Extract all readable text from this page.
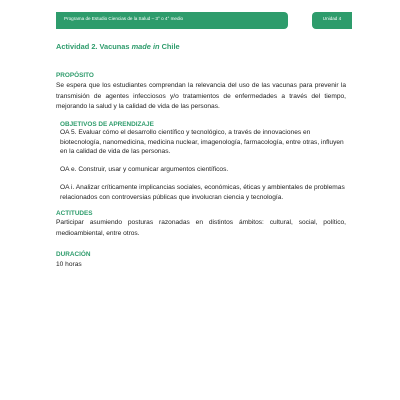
Programa de Estudio Ciencias de la Salud – 3° o 4° medio	Unidad 4
Actividad 2. Vacunas made in Chile
PROPÓSITO
Se espera que los estudiantes comprendan la relevancia del uso de las vacunas para prevenir la transmisión de agentes infecciosos y/o tratamientos de enfermedades a través del tiempo, mejorando la salud y la calidad de vida de las personas.
OBJETIVOS DE APRENDIZAJE
OA 5. Evaluar cómo el desarrollo científico y tecnológico, a través de innovaciones en biotecnología, nanomedicina, medicina nuclear, imagenología, farmacología, entre otras, influyen en la calidad de vida de las personas.
OA e. Construir, usar y comunicar argumentos científicos.
OA i. Analizar críticamente implicancias sociales, económicas, éticas y ambientales de problemas relacionados con controversias públicas que involucran ciencia y tecnología.
ACTITUDES
Participar asumiendo posturas razonadas en distintos ámbitos: cultural, social, político, medioambiental, entre otros.
DURACIÓN
10 horas
